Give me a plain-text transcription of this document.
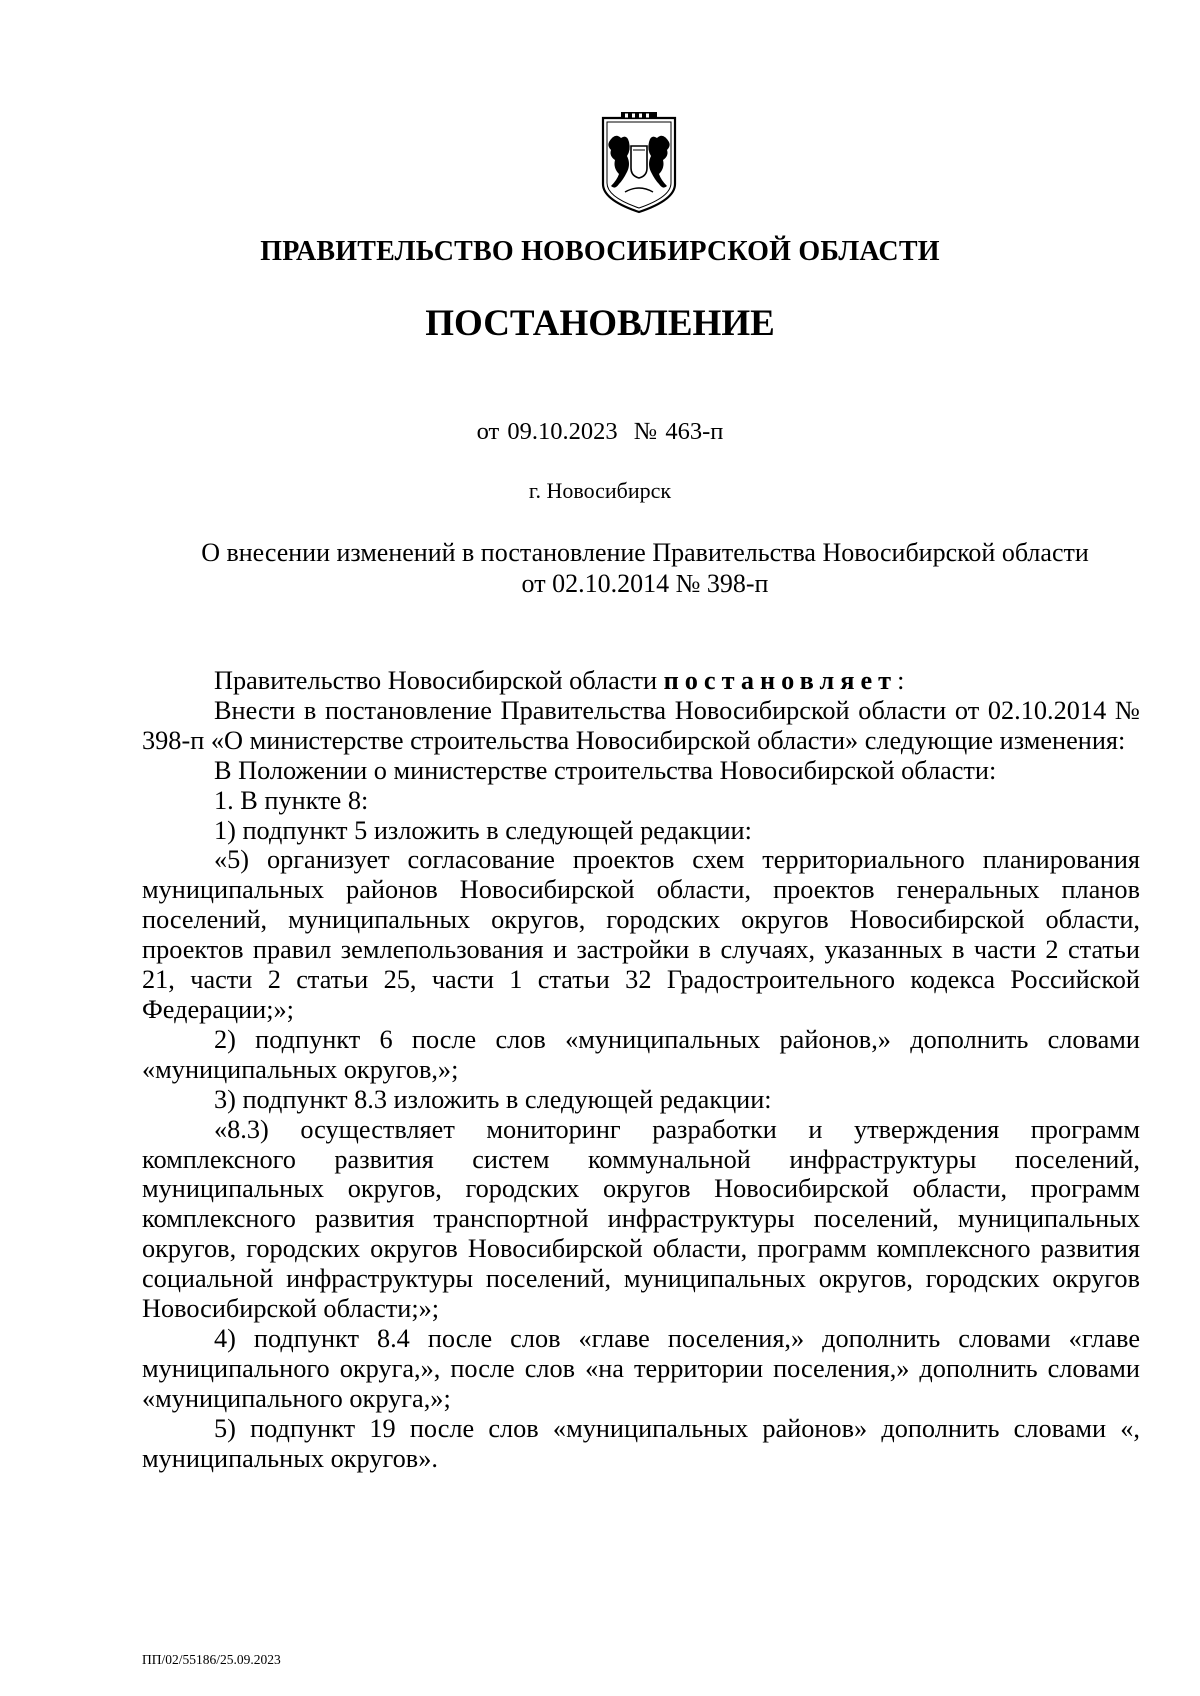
ПРАВИТЕЛЬСТВО НОВОСИБИРСКОЙ ОБЛАСТИ
ПОСТАНОВЛЕНИЕ
от 09.10.2023  № 463-п
г. Новосибирск
О внесении изменений в постановление Правительства Новосибирской области
от 02.10.2014 № 398-п

Правительство Новосибирской области постановляет:

Внести в постановление Правительства Новосибирской области от 02.10.2014 № 398-п «О министерстве строительства Новосибирской области» следующие изменения:

В Положении о министерстве строительства Новосибирской области:

1. В пункте 8:

1) подпункт 5 изложить в следующей редакции:

«5) организует согласование проектов схем территориального планирования муниципальных районов Новосибирской области, проектов генеральных планов поселений, муниципальных округов, городских округов Новосибирской области, проектов правил землепользования и застройки в случаях, указанных в части 2 статьи 21, части 2 статьи 25, части 1 статьи 32 Градостроительного кодекса Российской Федерации;»;

2) подпункт 6 после слов «муниципальных районов,» дополнить словами «муниципальных округов,»;

3) подпункт 8.3 изложить в следующей редакции:

«8.3) осуществляет мониторинг разработки и утверждения программ комплексного развития систем коммунальной инфраструктуры поселений, муниципальных округов, городских округов Новосибирской области, программ комплексного развития транспортной инфраструктуры поселений, муниципальных округов, городских округов Новосибирской области, программ комплексного развития социальной инфраструктуры поселений, муниципальных округов, городских округов Новосибирской области;»;

4) подпункт 8.4 после слов «главе поселения,» дополнить словами «главе муниципального округа,», после слов «на территории поселения,» дополнить словами «муниципального округа,»;

5) подпункт 19 после слов «муниципальных районов» дополнить словами «, муниципальных округов».

ПП/02/55186/25.09.2023
